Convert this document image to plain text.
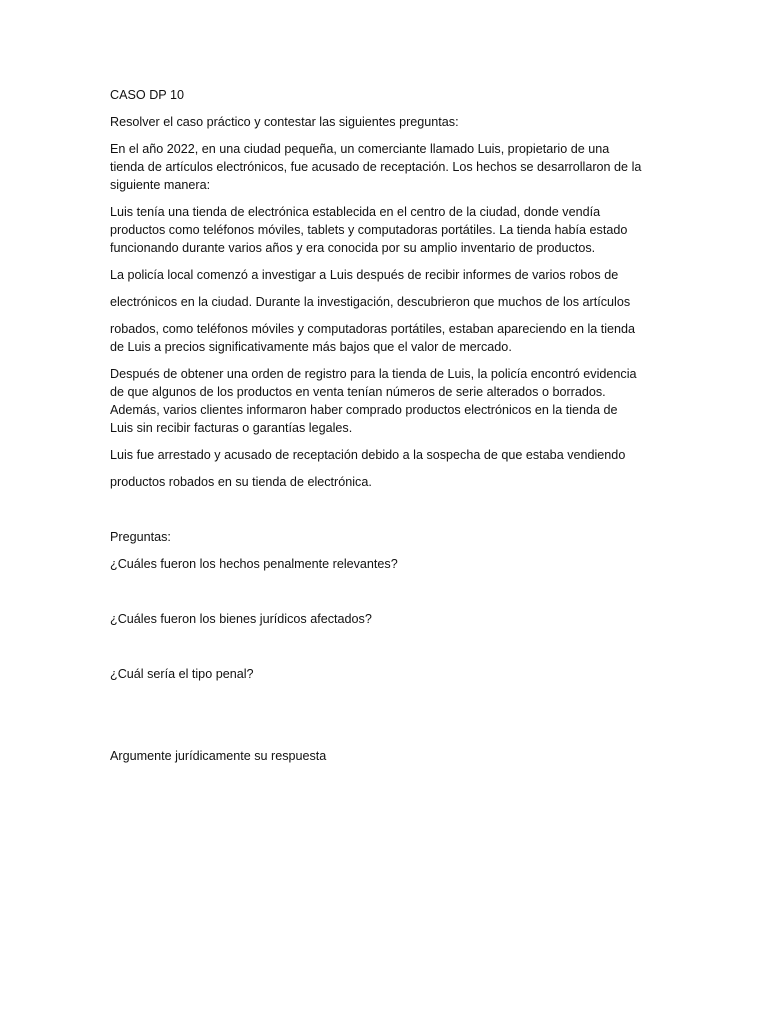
CASO DP 10

Resolver el caso práctico y contestar las siguientes preguntas:

En el año 2022, en una ciudad pequeña, un comerciante llamado Luis, propietario de una

tienda de artículos electrónicos, fue acusado de receptación. Los hechos se desarrollaron de la

siguiente manera:

Luis tenía una tienda de electrónica establecida en el centro de la ciudad, donde vendía

productos como teléfonos móviles, tablets y computadoras portátiles. La tienda había estado

funcionando durante varios años y era conocida por su amplio inventario de productos.

La policía local comenzó a investigar a Luis después de recibir informes de varios robos de

electrónicos en la ciudad. Durante la investigación, descubrieron que muchos de los artículos

robados, como teléfonos móviles y computadoras portátiles, estaban apareciendo en la tienda

de Luis a precios significativamente más bajos que el valor de mercado.

Después de obtener una orden de registro para la tienda de Luis, la policía encontró evidencia

de que algunos de los productos en venta tenían números de serie alterados o borrados.

Además, varios clientes informaron haber comprado productos electrónicos en la tienda de

Luis sin recibir facturas o garantías legales.

Luis fue arrestado y acusado de receptación debido a la sospecha de que estaba vendiendo

productos robados en su tienda de electrónica.

Preguntas:

¿Cuáles fueron los hechos penalmente relevantes?

¿Cuáles fueron los bienes jurídicos afectados?

¿Cuál sería el tipo penal?

Argumente jurídicamente su respuesta
